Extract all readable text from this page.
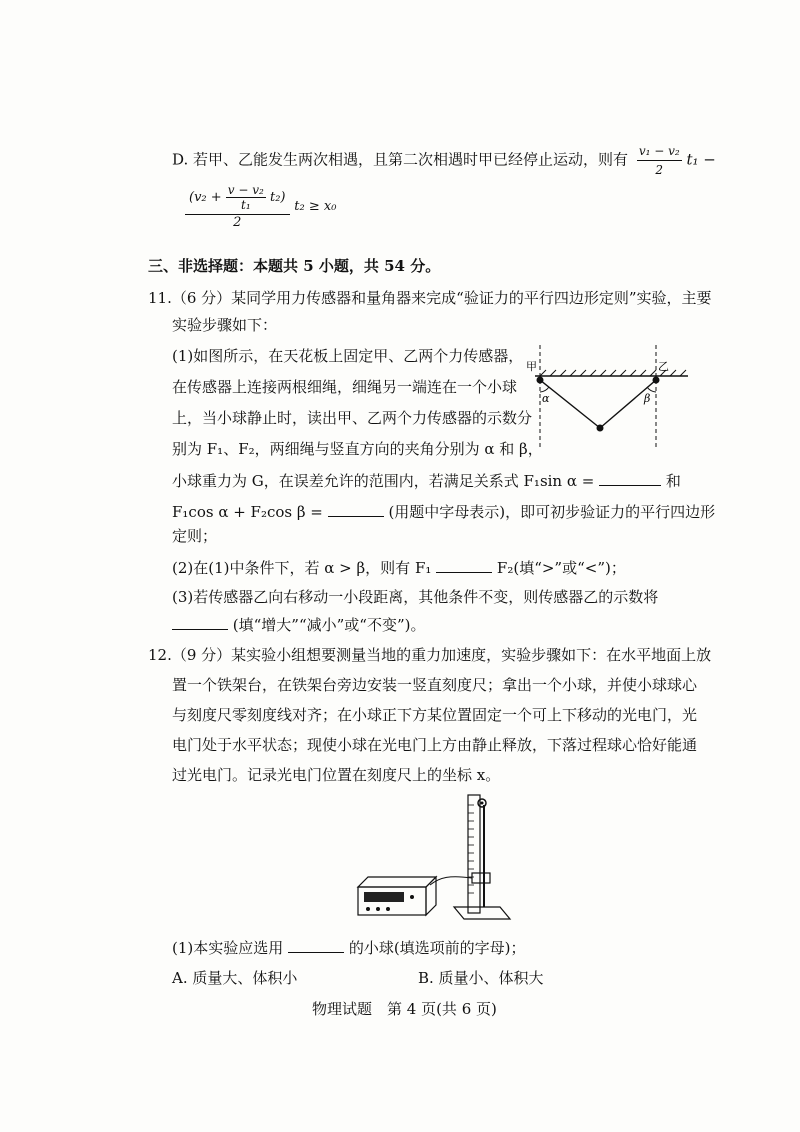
D. 若甲、乙能发生两次相遇，且第二次相遇时甲已经停止运动，则有 $\frac{\text{v₁ − v₂}}{2} t_1$ −
$\frac{(v_2 + \frac{\text{v − v₂}}{\text{t₁}} t_2)}{2} t_2 \ge x_0$
三、非选择题：本题共 5 小题，共 54 分。
11.（6 分）某同学用力传感器和量角器来完成“验证力的平行四边形定则”实验，主要
实验步骤如下：
(1)如图所示，在天花板上固定甲、乙两个力传感器，
在传感器上连接两根细绳，细绳另一端连在一个小球
上，当小球静止时，读出甲、乙两个力传感器的示数分
别为 F₁、F₂，两细绳与竖直方向的夹角分别为 α 和 β，
小球重力为 G，在误差允许的范围内，若满足关系式 F₁sin α =	和
F₁cos α + F₂cos β =	(用题中字母表示)，即可初步验证力的平行四边形
定则；
(2)在(1)中条件下，若 α > β，则有 F₁	F₂(填“>”或“<”)；
(3)若传感器乙向右移动一小段距离，其他条件不变，则传感器乙的示数将
(填“增大”“减小”或“不变”)。
甲	乙
α	β
12.（9 分）某实验小组想要测量当地的重力加速度，实验步骤如下：在水平地面上放
置一个铁架台，在铁架台旁边安装一竖直刻度尺；拿出一个小球，并使小球球心
与刻度尺零刻度线对齐；在小球正下方某位置固定一个可上下移动的光电门，光
电门处于水平状态；现使小球在光电门上方由静止释放，下落过程球心恰好能通
过光电门。记录光电门位置在刻度尺上的坐标 x。
(1)本实验应选用	的小球(填选项前的字母)；
A. 质量大、体积小	B. 质量小、体积大
物理试题　第 4 页(共 6 页)
